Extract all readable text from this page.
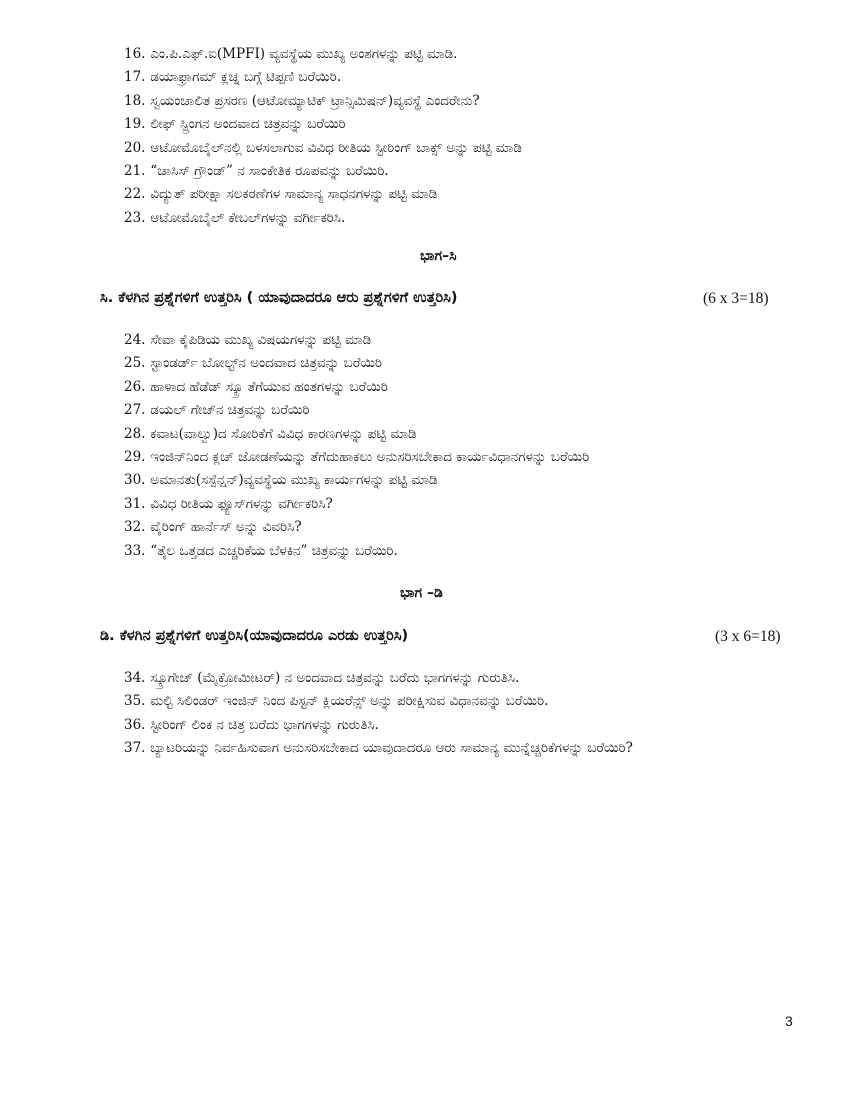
16. ಎಂ.ಪಿ.ಎಫ್.ಐ(MPFI) ವ್ಯವಸ್ಥೆಯ ಮುಖ್ಯ ಅಂಶಗಳನ್ನು ಪಟ್ಟಿ ಮಾಡಿ.
17. ಡಯಾಫ್ರಾಗಮ್ ಕ್ಲಚ್ನ ಬಗ್ಗೆ ಟಿಪ್ಪಣಿ ಬರೆಯಿರಿ.
18. ಸ್ವಯಂಚಾಲಿತ ಪ್ರಸರಣ (ಆಟೋಮ್ಯಾಟಿಕ್ ಟ್ರಾನ್ಸಿಮಿಷನ್)ವ್ಯವಸ್ಥೆ ಎಂದರೇನು?
19. ಲೀಫ್ ಸ್ಪ್ರಿಂಗನ ಅಂದವಾದ ಚಿತ್ರವನ್ನು ಬರೆಯಿರಿ
20. ಆಟೋಮೊಬೈಲ್‌ನಲ್ಲಿ ಬಳಸಲಾಗುವ ವಿವಿಧ ರೀತಿಯ ಸ್ಟೀರಿಂಗ್ ಬಾಕ್ಸ್ ಅನ್ನು ಪಟ್ಟಿ ಮಾಡಿ
21. “ಚಾಸಿಸ್ ಗ್ರೌಂಡ್” ನ ಸಾಂಕೇತಿಕ ರೂಪವನ್ನು ಬರೆಯಿರಿ.
22. ವಿದ್ಯುತ್ ಪರೀಕ್ಷಾ ಸಲಕರಣೆಗಳ ಸಾಮಾನ್ಯ ಸಾಧನಗಳನ್ನು ಪಟ್ಟಿ ಮಾಡಿ
23. ಆಟೋಮೊಬೈಲ್ ಕೇಬಲ್‌ಗಳನ್ನು ವರ್ಗೀಕರಿಸಿ.
ಭಾಗ–ಸಿ
ಸಿ. ಕೆಳಗಿನ ಪ್ರಶ್ನೆಗಳಿಗೆ ಉತ್ತರಿಸಿ ( ಯಾವುದಾದರೂ ಆರು ಪ್ರಶ್ನೆಗಳಿಗೆ ಉತ್ತರಿಸಿ)	(6 x 3=18)
24. ಸೇವಾ ಕೈಪಿಡಿಯ ಮುಖ್ಯ ವಿಷಯಗಳನ್ನು ಪಟ್ಟಿ ಮಾಡಿ
25. ಸ್ಟಾಂಡರ್ಡ್ ಬೋಲ್ಟ್‌ನ ಅಂದವಾದ ಚಿತ್ರವನ್ನು ಬರೆಯಿರಿ
26. ಹಾಳಾದ ಹೆಡೆಡ್ ಸ್ಕ್ರೂ ತೆಗೆಯುವ ಹಂತಗಳನ್ನು ಬರೆಯಿರಿ
27. ಡಯಲ್ ಗೇಜ್‌ನ ಚಿತ್ರವನ್ನು ಬರೆಯಿರಿ
28. ಕವಾಟ(ವಾಲ್ವು)ದ ಸೋರಿಕೆಗೆ ವಿವಿಧ ಕಾರಣಗಳನ್ನು ಪಟ್ಟಿ ಮಾಡಿ
29. ಇಂಜಿನ್‌ನಿಂದ ಕ್ಲಚ್ ಜೋಡಣೆಯನ್ನು ತೆಗೆದುಹಾಕಲು ಅನುಸರಿಸಬೇಕಾದ ಕಾರ್ಯವಿಧಾನಗಳನ್ನು ಬರೆಯಿರಿ
30. ಅಮಾನತು(ಸಸ್ಪೆನ್ಷನ್)ವ್ಯವಸ್ಥೆಯ ಮುಖ್ಯ ಕಾರ್ಯಗಳನ್ನು ಪಟ್ಟಿ ಮಾಡಿ
31. ವಿವಿಧ ರೀತಿಯ ಫ್ಯೂಸ್‌ಗಳನ್ನು ವರ್ಗೀಕರಿಸಿ?
32. ವೈರಿಂಗ್ ಹಾರ್ನೆಸ್ ಅನ್ನು ವಿವರಿಸಿ?
33. “ತೈಲ ಒತ್ತಡದ ಎಚ್ಚರಿಕೆಯ ಬೆಳಕಿನ” ಚಿತ್ರವನ್ನು ಬರೆಯಿರಿ.
ಭಾಗ –ಡಿ
ಡಿ. ಕೆಳಗಿನ ಪ್ರಶ್ನೆಗಳಿಗೆ ಉತ್ತರಿಸಿ(ಯಾವುದಾದರೂ ಎರಡು ಉತ್ತರಿಸಿ)	(3 x 6=18)
34. ಸ್ಕ್ರೂಗೇಜ್ (ಮೈಕ್ರೋಮೀಟರ್) ನ ಅಂದವಾದ ಚಿತ್ರವನ್ನು ಬರೆದು ಭಾಗಗಳನ್ನು ಗುರುತಿಸಿ.
35. ಮಲ್ಟಿ ಸಿಲಿಂಡರ್ ಇಂಜಿನ್ ನಿಂದ ಪಿಸ್ಟನ್ ಕ್ಲಿಯರೆನ್ಸ್ ಅನ್ನು ಪರೀಕ್ಷಿಸುವ ವಿಧಾನವನ್ನು ಬರೆಯಿರಿ.
36. ಸ್ಟೀರಿಂಗ್ ಲಿಂಕ ನ ಚಿತ್ರ ಬರೆದು ಭಾಗಗಳನ್ನು ಗುರುತಿಸಿ.
37. ಬ್ಯಾಟರಿಯನ್ನು ನಿರ್ವಹಿಸುವಾಗ ಅನುಸರಿಸಬೇಕಾದ ಯಾವುದಾದರೂ ಆರು ಸಾಮಾನ್ಯ ಮುನ್ನೆಚ್ಚರಿಕೆಗಳನ್ನು ಬರೆಯಿರಿ?
3
